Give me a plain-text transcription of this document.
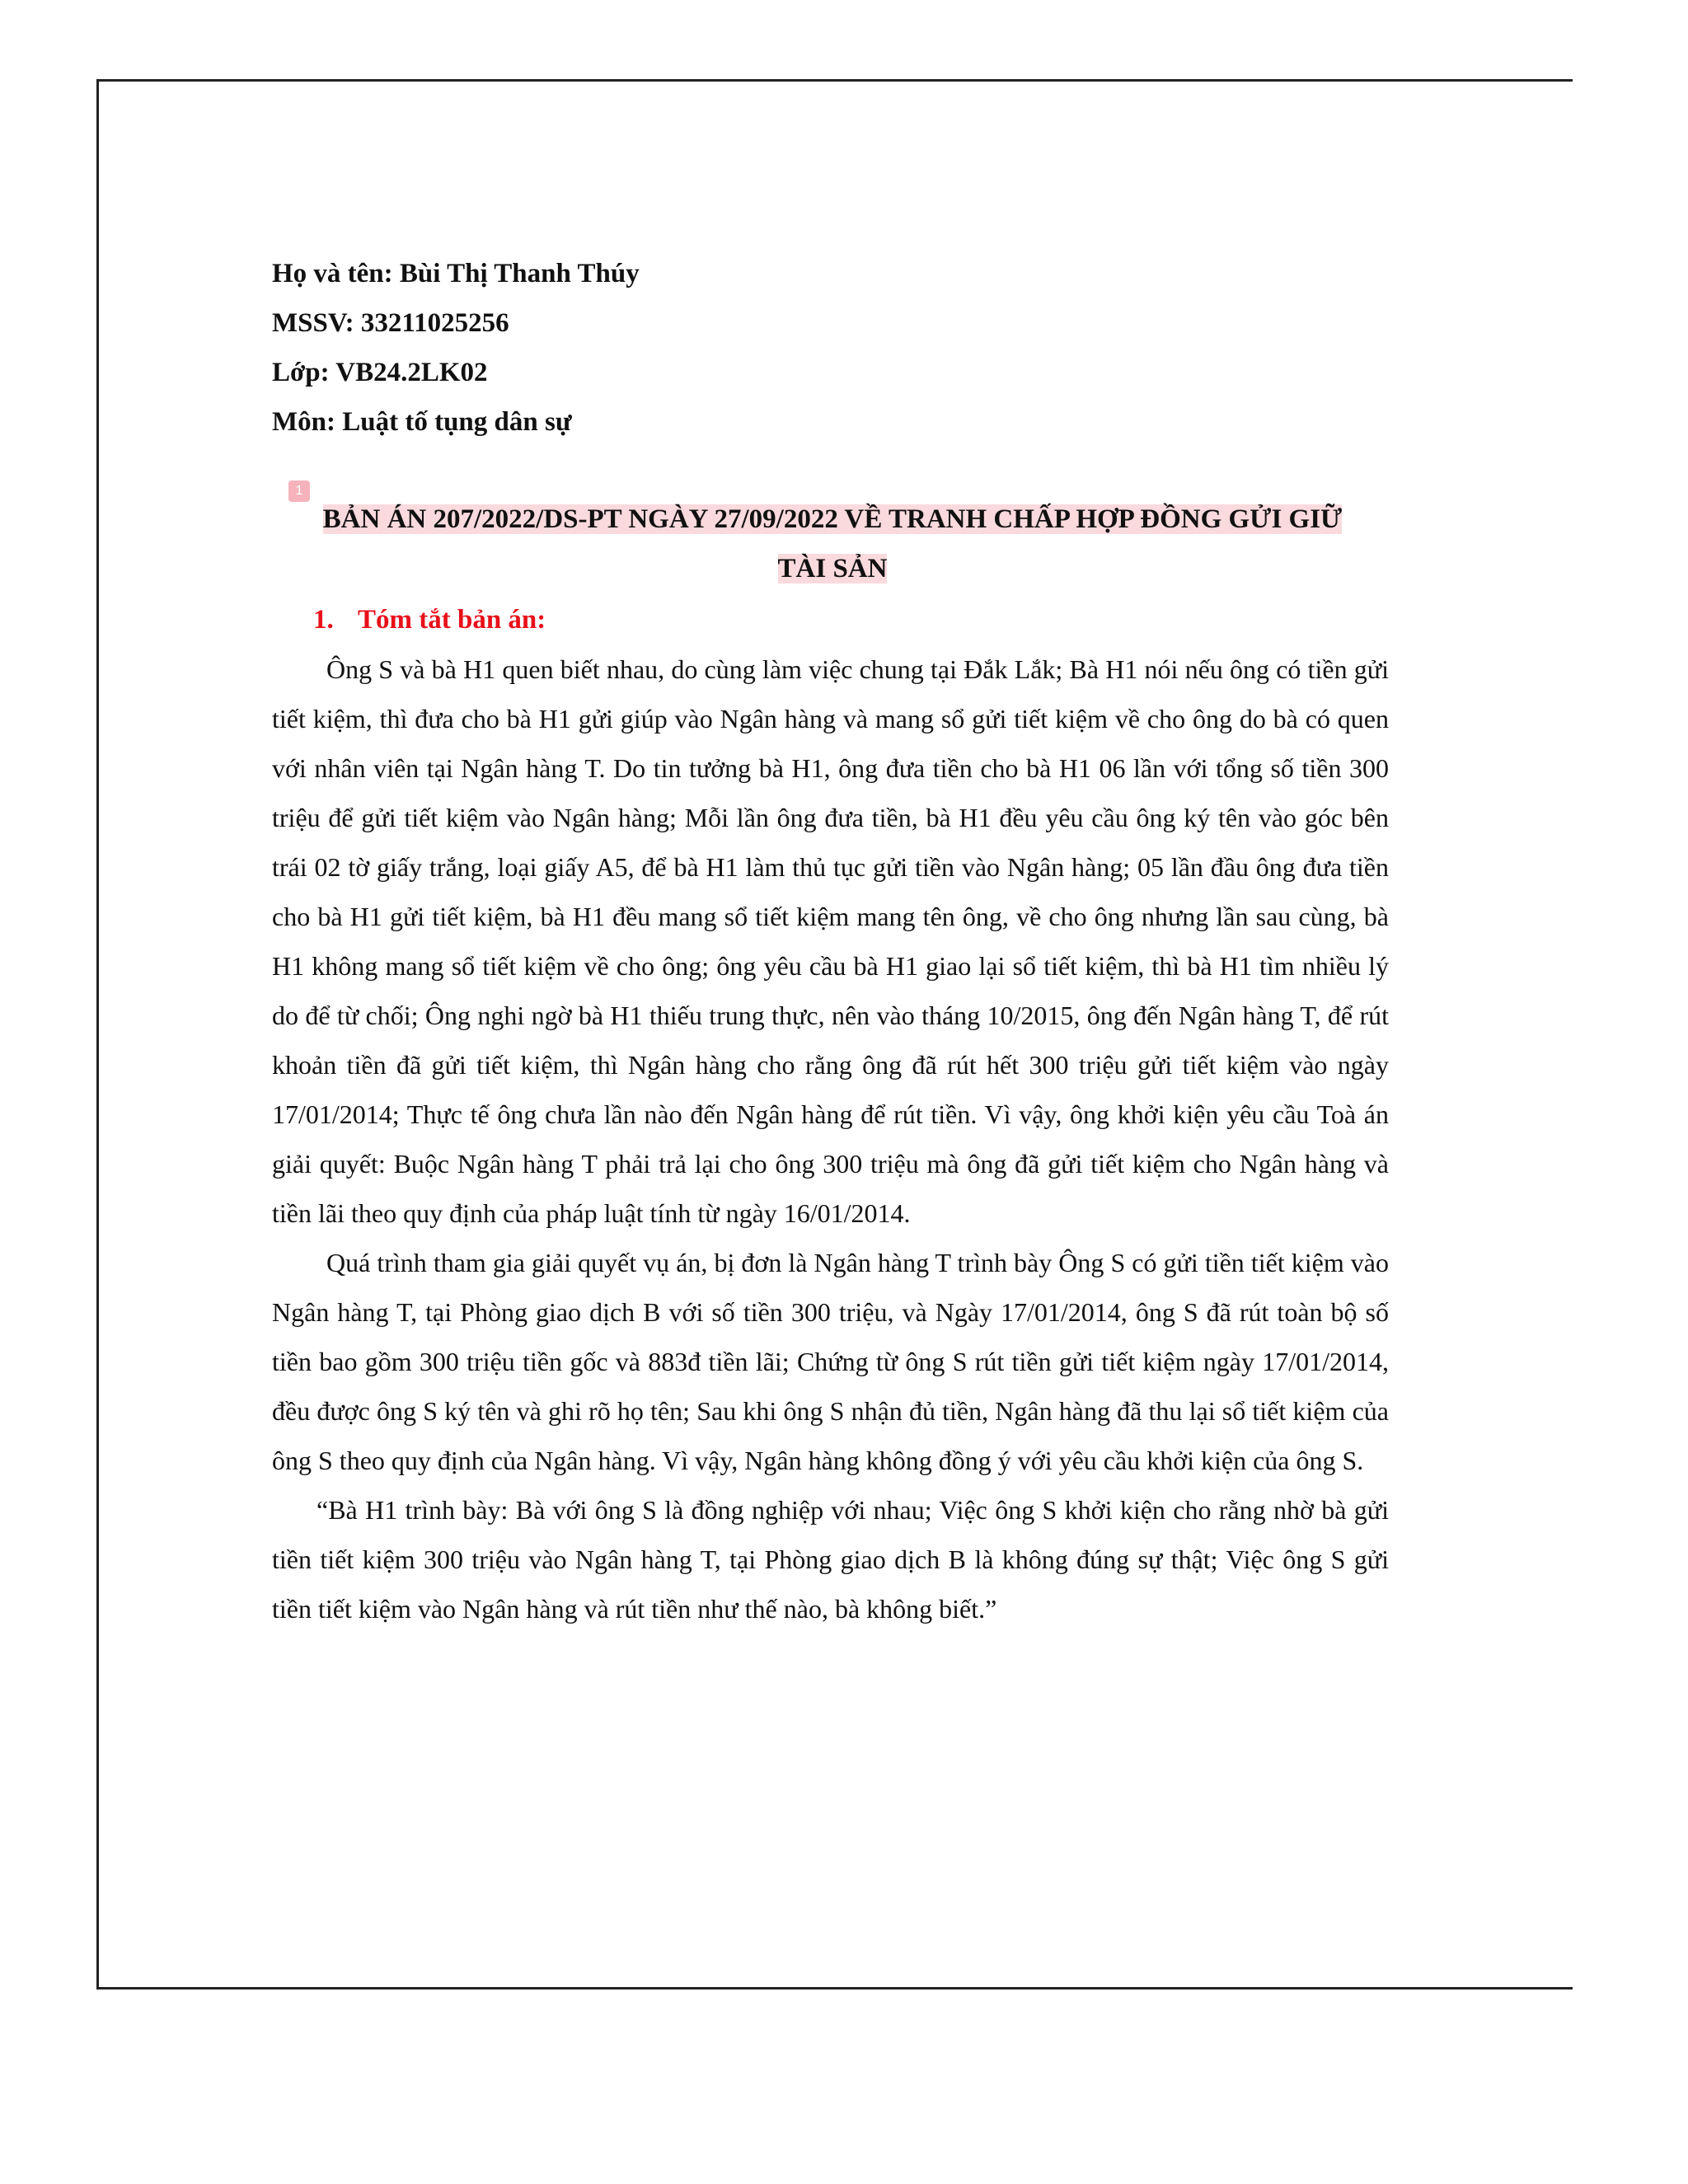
Họ và tên: Bùi Thị Thanh Thúy
MSSV: 33211025256
Lớp: VB24.2LK02
Môn: Luật tố tụng dân sự
1
BẢN ÁN 207/2022/DS-PT NGÀY 27/09/2022 VỀ TRANH CHẤP HỢP ĐỒNG GỬI GIỮ
TÀI SẢN
1. Tóm tắt bản án:

Ông S và bà H1 quen biết nhau, do cùng làm việc chung tại Đắk Lắk; Bà H1 nói nếu ông có tiền gửi tiết kiệm, thì đưa cho bà H1 gửi giúp vào Ngân hàng và mang sổ gửi tiết kiệm về cho ông do bà có quen với nhân viên tại Ngân hàng T. Do tin tưởng bà H1, ông đưa tiền cho bà H1 06 lần với tổng số tiền 300 triệu để gửi tiết kiệm vào Ngân hàng; Mỗi lần ông đưa tiền, bà H1 đều yêu cầu ông ký tên vào góc bên trái 02 tờ giấy trắng, loại giấy A5, để bà H1 làm thủ tục gửi tiền vào Ngân hàng; 05 lần đầu ông đưa tiền cho bà H1 gửi tiết kiệm, bà H1 đều mang sổ tiết kiệm mang tên ông, về cho ông nhưng lần sau cùng, bà H1 không mang sổ tiết kiệm về cho ông; ông yêu cầu bà H1 giao lại sổ tiết kiệm, thì bà H1 tìm nhiều lý do để từ chối; Ông nghi ngờ bà H1 thiếu trung thực, nên vào tháng 10/2015, ông đến Ngân hàng T, để rút khoản tiền đã gửi tiết kiệm, thì Ngân hàng cho rằng ông đã rút hết 300 triệu gửi tiết kiệm vào ngày 17/01/2014; Thực tế ông chưa lần nào đến Ngân hàng để rút tiền. Vì vậy, ông khởi kiện yêu cầu Toà án giải quyết: Buộc Ngân hàng T phải trả lại cho ông 300 triệu mà ông đã gửi tiết kiệm cho Ngân hàng và tiền lãi theo quy định của pháp luật tính từ ngày 16/01/2014.

Quá trình tham gia giải quyết vụ án, bị đơn là Ngân hàng T trình bày Ông S có gửi tiền tiết kiệm vào Ngân hàng T, tại Phòng giao dịch B với số tiền 300 triệu, và Ngày 17/01/2014, ông S đã rút toàn bộ số tiền bao gồm 300 triệu tiền gốc và 883đ tiền lãi; Chứng từ ông S rút tiền gửi tiết kiệm ngày 17/01/2014, đều được ông S ký tên và ghi rõ họ tên; Sau khi ông S nhận đủ tiền, Ngân hàng đã thu lại sổ tiết kiệm của ông S theo quy định của Ngân hàng. Vì vậy, Ngân hàng không đồng ý với yêu cầu khởi kiện của ông S.

“Bà H1 trình bày: Bà với ông S là đồng nghiệp với nhau; Việc ông S khởi kiện cho rằng nhờ bà gửi tiền tiết kiệm 300 triệu vào Ngân hàng T, tại Phòng giao dịch B là không đúng sự thật; Việc ông S gửi tiền tiết kiệm vào Ngân hàng và rút tiền như thế nào, bà không biết.”
